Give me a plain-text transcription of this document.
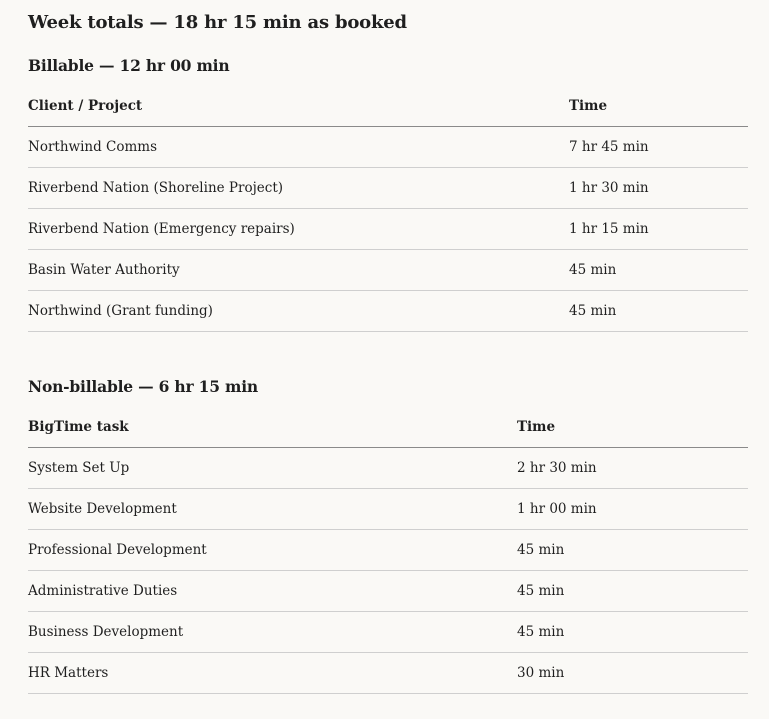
Week totals — 18 hr 15 min as booked
Billable — 12 hr 00 min
Client / Project	Time
Northwind Comms	7 hr 45 min
Riverbend Nation (Shoreline Project)	1 hr 30 min
Riverbend Nation (Emergency repairs)	1 hr 15 min
Basin Water Authority	45 min
Northwind (Grant funding)	45 min
Non-billable — 6 hr 15 min
BigTime task	Time
System Set Up	2 hr 30 min
Website Development	1 hr 00 min
Professional Development	45 min
Administrative Duties	45 min
Business Development	45 min
HR Matters	30 min
